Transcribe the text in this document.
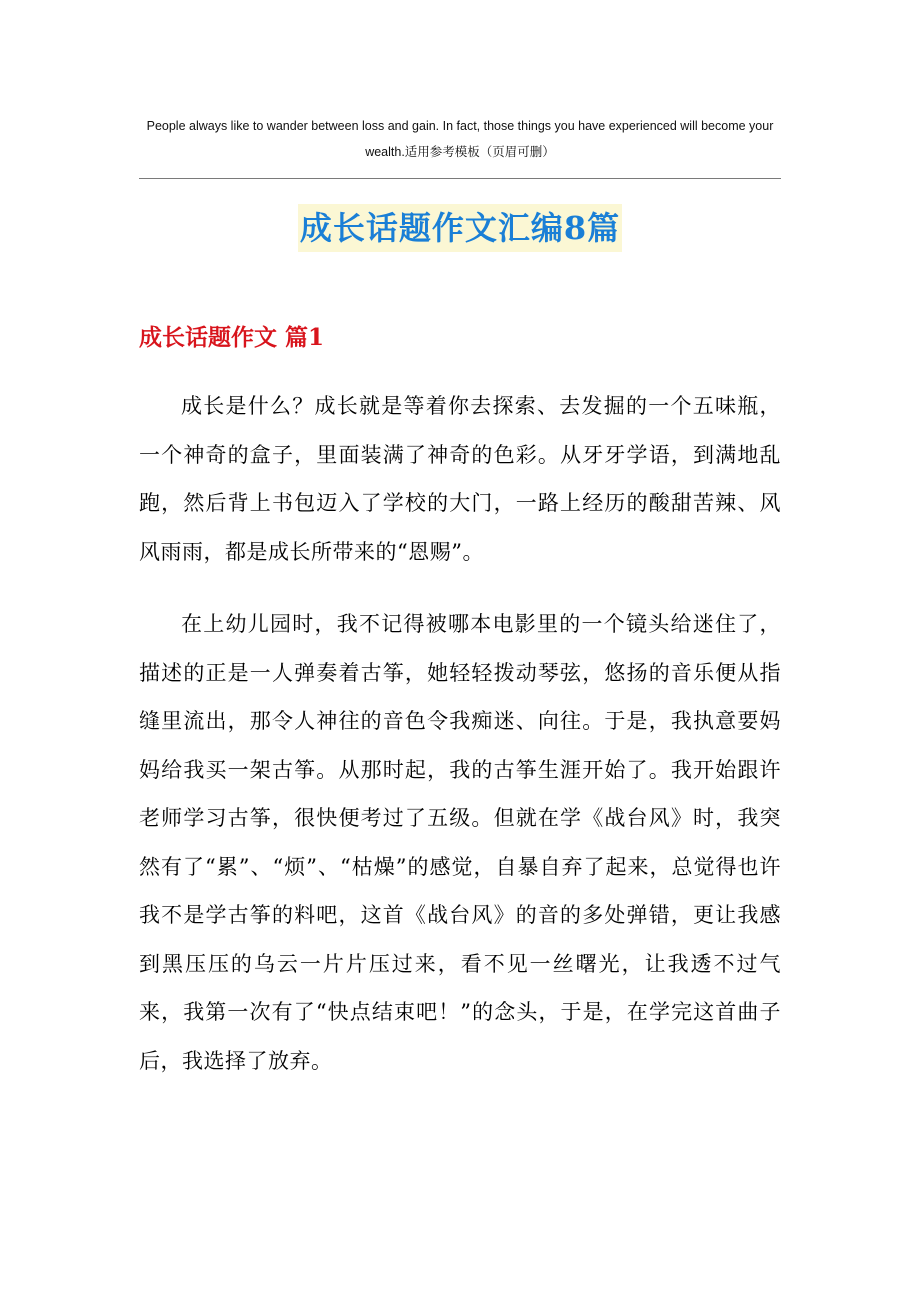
People always like to wander between loss and gain. In fact, those things you have experienced will become your
wealth.适用参考模板（页眉可删）
成长话题作文汇编8篇
成长话题作文 篇1

成长是什么？成长就是等着你去探索、去发掘的一个五味瓶，一个神奇的盒子，里面装满了神奇的色彩。从牙牙学语，到满地乱跑，然后背上书包迈入了学校的大门，一路上经历的酸甜苦辣、风风雨雨，都是成长所带来的“恩赐”。

在上幼儿园时，我不记得被哪本电影里的一个镜头给迷住了，描述的正是一人弹奏着古筝，她轻轻拨动琴弦，悠扬的音乐便从指缝里流出，那令人神往的音色令我痴迷、向往。于是，我执意要妈妈给我买一架古筝。从那时起，我的古筝生涯开始了。我开始跟许老师学习古筝，很快便考过了五级。但就在学《战台风》时，我突然有了“累”、“烦”、“枯燥”的感觉，自暴自弃了起来，总觉得也许我不是学古筝的料吧，这首《战台风》的音的多处弹错，更让我感到黑压压的乌云一片片压过来，看不见一丝曙光，让我透不过气来，我第一次有了“快点结束吧！”的念头，于是，在学完这首曲子后，我选择了放弃。
